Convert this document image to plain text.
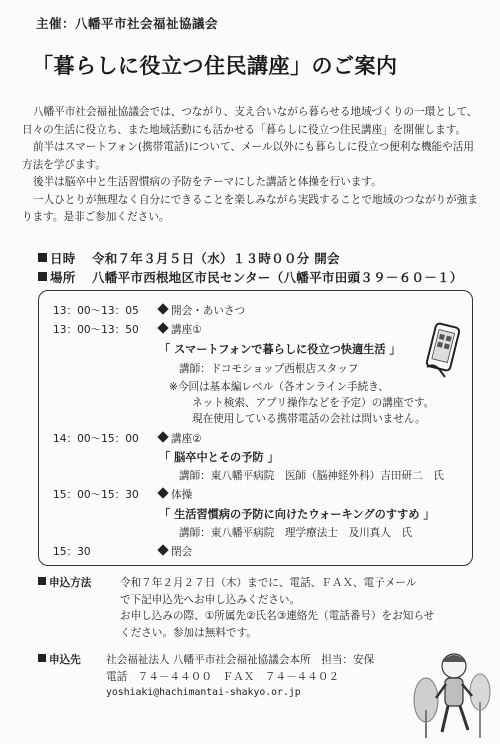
主催：八幡平市社会福祉協議会
「暮らしに役立つ住民講座」のご案内

八幡平市社会福祉協議会では、つながり、支え合いながら暮らせる地域づくりの一環として、日々の生活に役立ち、また地域活動にも活かせる「暮らしに役立つ住民講座」を開催します。

前半はスマートフォン(携帯電話)について、メール以外にも暮らしに役立つ便利な機能や活用方法を学びます。

後半は脳卒中と生活習慣病の予防をテーマにした講話と体操を行います。

一人ひとりが無理なく自分にできることを楽しみながら実践することで地域のつながりが強まります。是非ご参加ください。

日時 令和７年３月５日（水）１３時００分 開会
場所 八幡平市西根地区市民センター（八幡平市田頭３９－６０－１）
13：00～13：05	開会・あいさつ
13：00～13：50	講座①
「 スマートフォンで暮らしに役立つ快適生活 」
講師：ドコモショップ西根店スタッフ
※今回は基本編レベル（各オンライン手続き、
ネット検索、アプリ操作などを予定）の講座です。
現在使用している携帯電話の会社は問いません。
14：00～15：00	講座②
「 脳卒中とその予防 」
講師：東八幡平病院　医師（脳神経外科）吉田研二　氏
15：00～15：30	体操
「 生活習慣病の予防に向けたウォーキングのすすめ 」
講師：東八幡平病院　理学療法士　及川真人　氏
15：30	閉会
申込方法	令和７年２月２７日（木）までに、電話、ＦＡＸ、電子メール
で下記申込先へお申し込みください。
お申し込みの際、①所属先②氏名③連絡先（電話番号）をお知らせ
ください。参加は無料です。
申込先 社会福祉法人 八幡平市社会福祉協議会本所　担当：安保
電話　７４－４４００　ＦＡＸ　７４－４４０２
yoshiaki@hachimantai-shakyo.or.jp
